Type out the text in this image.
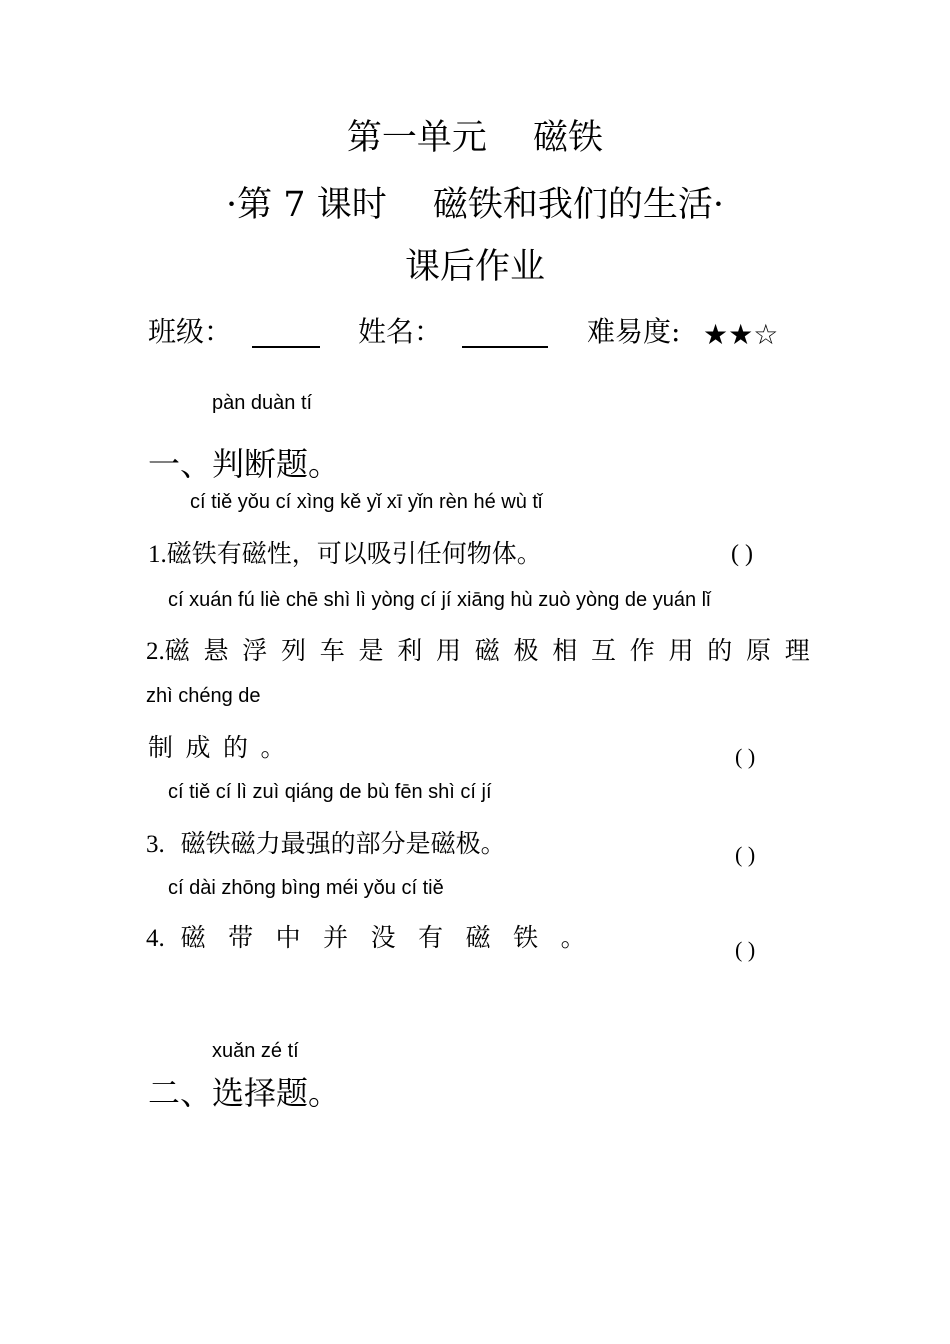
第一单元　 磁铁
·第 7 课时　 磁铁和我们的生活·
课后作业
班级：	姓名：	难易度: ★★☆
pàn duàn tí
一、判断题。
cí tiě yǒu cí xìng kě yǐ xī yǐn rèn hé wù tǐ
1.磁铁有磁性，可以吸引任何物体。	( )
cí xuán fú liè chē shì lì yòng cí jí xiāng hù zuò yòng de yuán lǐ
2.磁悬浮列车是利用磁极相互作用的原理
zhì chéng de
制成的。	( )
cí tiě cí lì zuì qiáng de bù fēn shì cí jí
3. 磁铁磁力最强的部分是磁极。	( )
cí dài zhōng bìng méi yǒu cí tiě
4. 磁带中并没有磁铁。	( )
xuǎn zé tí
二、选择题。
